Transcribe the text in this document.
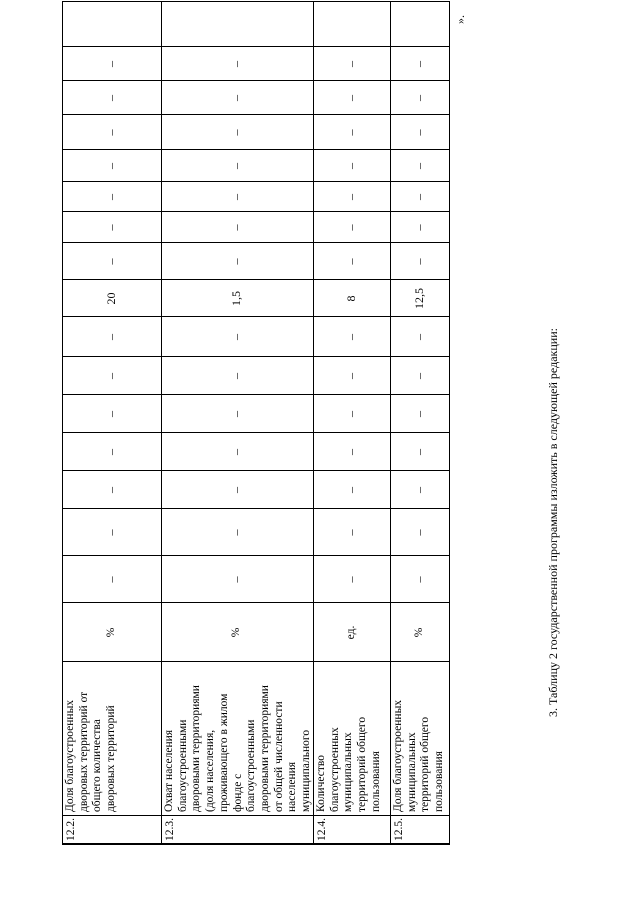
12.2.
Доля благоустроенных дворовых территорий от общего количества дворовых территорий
%
–
–
–
–
–
–
–
20
–
–
–
–
–
–
–
12.3.
Охват населения благоустроенными дворовыми территориями (доля населения, проживающего в жилом фонде с благоустроенными дворовыми территориями от общей численности населения муниципального
%
–
–
–
–
–
–
–
1,5
–
–
–
–
–
–
–
12.4.
Количество благоустроенных муниципальных территорий общего пользования
ед.
–
–
–
–
–
–
–
8
–
–
–
–
–
–
–
12.5.
Доля благоустроенных муниципальных территорий общего пользования
%
–
–
–
–
–
–
–
12,5
–
–
–
–
–
–
–
».
3. Таблицу 2 государственной программы изложить в следующей редакции:
